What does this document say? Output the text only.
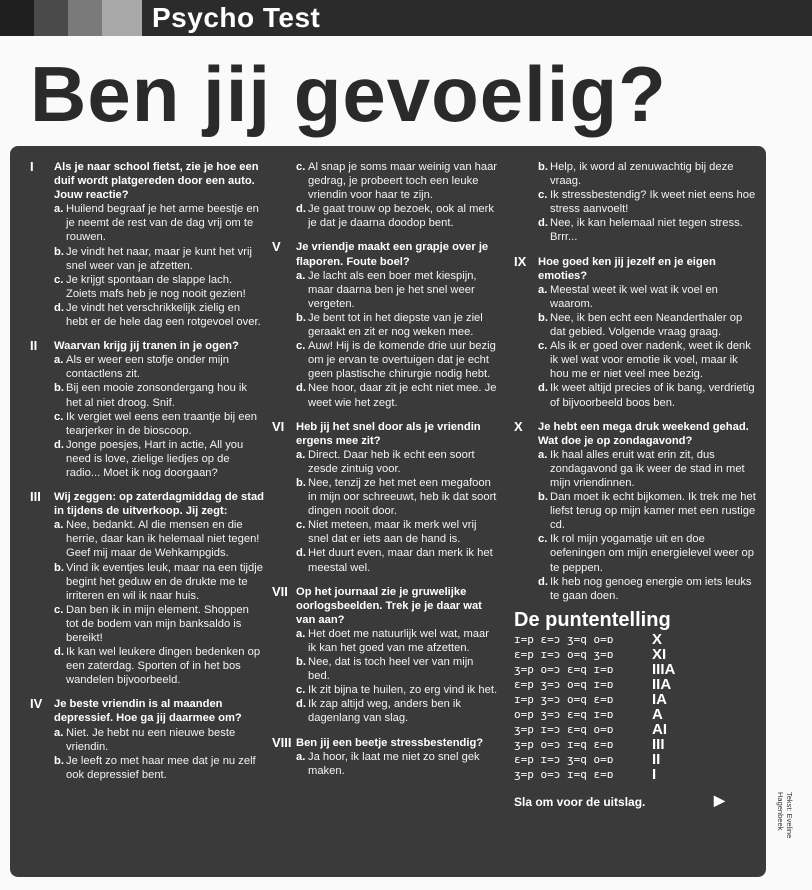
Psycho Test
Ben jij gevoelig?
I Als je naar school fietst, zie je hoe een duif wordt platgereden door een auto. Jouw reactie?
a. Huilend begraaf je het arme beestje en je neemt de rest van de dag vrij om te rouwen.
b. Je vindt het naar, maar je kunt het vrij snel weer van je afzetten.
c. Je krijgt spontaan de slappe lach. Zoiets mafs heb je nog nooit gezien!
d. Je vindt het verschrikkelijk zielig en hebt er de hele dag een rotgevoel over.
II Waarvan krijg jij tranen in je ogen?
a. Als er weer een stofje onder mijn contactlens zit.
b. Bij een mooie zonsondergang hou ik het al niet droog. Snif.
c. Ik vergiet wel eens een traantje bij een tearjerker in de bioscoop.
d. Jonge poesjes, Hart in actie, All you need is love, zielige liedjes op de radio... Moet ik nog doorgaan?
III Wij zeggen: op zaterdagmiddag de stad in tijdens de uitverkoop. Jij zegt:
a. Nee, bedankt. Al die mensen en die herrie, daar kan ik helemaal niet tegen! Geef mij maar de Wehkampgids.
b. Vind ik eventjes leuk, maar na een tijdje begint het geduw en de drukte me te irriteren en wil ik naar huis.
c. Dan ben ik in mijn element. Shoppen tot de bodem van mijn banksaldo is bereikt!
d. Ik kan wel leukere dingen bedenken op een zaterdag. Sporten of in het bos wandelen bijvoorbeeld.
IV Je beste vriendin is al maanden depressief. Hoe ga jij daarmee om?
a. Niet. Je hebt nu een nieuwe beste vriendin.
b. Je leeft zo met haar mee dat je nu zelf ook depressief bent.
c. Al snap je soms maar weinig van haar gedrag, je probeert toch een leuke vriendin voor haar te zijn.
d. Je gaat trouw op bezoek, ook al merk je dat je daarna doodop bent.
V Je vriendje maakt een grapje over je flaporen. Foute boel?
a. Je lacht als een boer met kiespijn, maar daarna ben je het snel weer vergeten.
b. Je bent tot in het diepste van je ziel geraakt en zit er nog weken mee.
c. Auw! Hij is de komende drie uur bezig om je ervan te overtuigen dat je echt geen plastische chirurgie nodig hebt.
d. Nee hoor, daar zit je echt niet mee. Je weet wie het zegt.
VI Heb jij het snel door als je vriendin ergens mee zit?
a. Direct. Daar heb ik echt een soort zesde zintuig voor.
b. Nee, tenzij ze het met een megafoon in mijn oor schreeuwt, heb ik dat soort dingen nooit door.
c. Niet meteen, maar ik merk wel vrij snel dat er iets aan de hand is.
d. Het duurt even, maar dan merk ik het meestal wel.
VII Op het journaal zie je gruwelijke oorlogsbeelden. Trek je je daar wat van aan?
a. Het doet me natuurlijk wel wat, maar ik kan het goed van me afzetten.
b. Nee, dat is toch heel ver van mijn bed.
c. Ik zit bijna te huilen, zo erg vind ik het.
d. Ik zap altijd weg, anders ben ik dagenlang van slag.
VIII Ben jij een beetje stressbestendig?
a. Ja hoor, ik laat me niet zo snel gek maken.
b. Help, ik word al zenuwachtig bij deze vraag.
c. Ik stressbestendig? Ik weet niet eens hoe stress aanvoelt!
d. Nee, ik kan helemaal niet tegen stress. Brrr...
IX Hoe goed ken jij jezelf en je eigen emoties?
a. Meestal weet ik wel wat ik voel en waarom.
b. Nee, ik ben echt een Neanderthaler op dat gebied. Volgende vraag graag.
c. Als ik er goed over nadenk, weet ik denk ik wel wat voor emotie ik voel, maar ik hou me er niet veel mee bezig.
d. Ik weet altijd precies of ik bang, verdrietig of bijvoorbeeld boos ben.
X Je hebt een mega druk weekend gehad. Wat doe je op zondagavond?
a. Ik haal alles eruit wat erin zit, dus zondagavond ga ik weer de stad in met mijn vriendinnen.
b. Dan moet ik echt bijkomen. Ik trek me het liefst terug op mijn kamer met een rustige cd.
c. Ik rol mijn yogamatje uit en doe oefeningen om mijn energielevel weer op te peppen.
d. Ik heb nog genoeg energie om iets leuks te gaan doen.
De puntentelling
ɪ=p ɛ=ɔ ʒ=q o=ɒ	X
ɛ=p ɪ=ɔ o=q ʒ=ɒ	XI
ʒ=p o=ɔ ɛ=q ɪ=ɒ	IIIA
ɛ=p ʒ=ɔ o=q ɪ=ɒ	IIA
ɪ=p ʒ=ɔ o=q ɛ=ɒ	IA
o=p ʒ=ɔ ɛ=q ɪ=ɒ	A
ʒ=p ɪ=ɔ ɛ=q o=ɒ	AI
ʒ=p o=ɔ ɪ=q ɛ=ɒ	III
ɛ=p ɪ=ɔ ʒ=q o=ɒ	II
ʒ=p o=ɔ ɪ=q ɛ=ɒ	I
Sla om voor de uitslag.	▶	Tekst: Eveline Hagenbeek
